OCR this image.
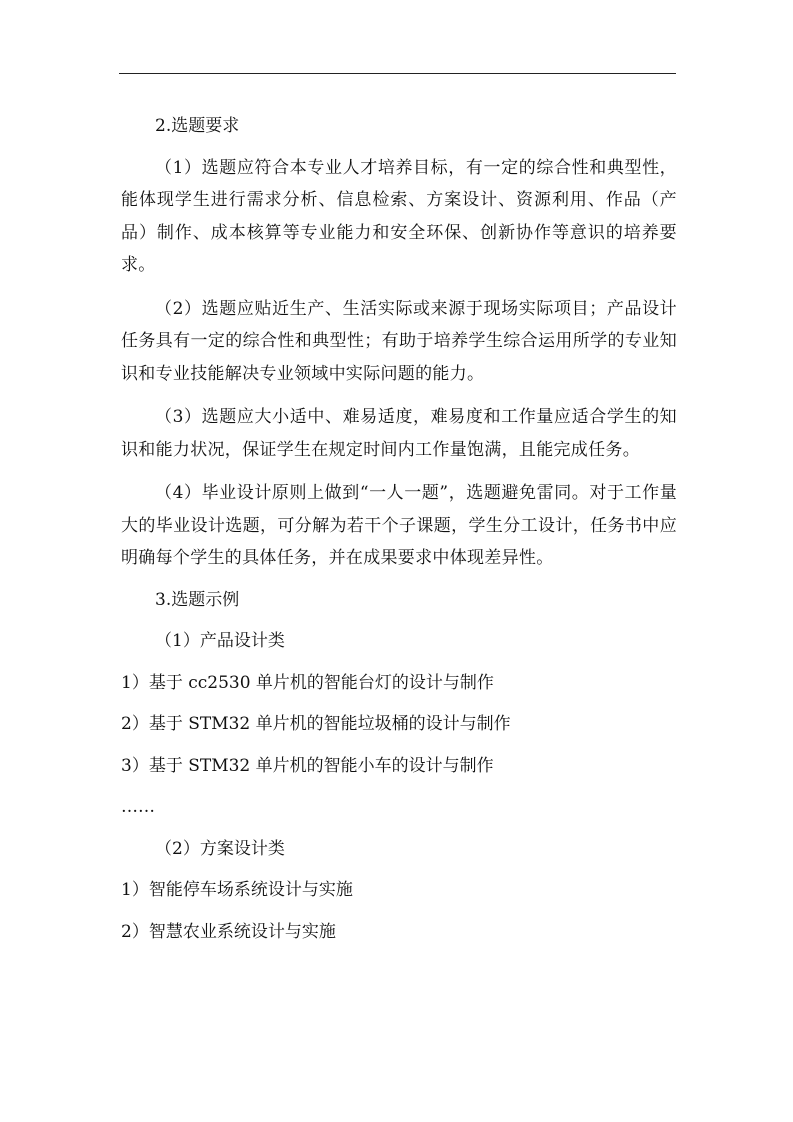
2.选题要求

（1）选题应符合本专业人才培养目标，有一定的综合性和典型性，能体现学生进行需求分析、信息检索、方案设计、资源利用、作品（产品）制作、成本核算等专业能力和安全环保、创新协作等意识的培养要求。

（2）选题应贴近生产、生活实际或来源于现场实际项目；产品设计任务具有一定的综合性和典型性；有助于培养学生综合运用所学的专业知识和专业技能解决专业领域中实际问题的能力。

（3）选题应大小适中、难易适度，难易度和工作量应适合学生的知识和能力状况，保证学生在规定时间内工作量饱满，且能完成任务。

（4）毕业设计原则上做到“一人一题”，选题避免雷同。对于工作量大的毕业设计选题，可分解为若干个子课题，学生分工设计，任务书中应明确每个学生的具体任务，并在成果要求中体现差异性。

3.选题示例
（1）产品设计类
1）基于 cc2530 单片机的智能台灯的设计与制作
2）基于 STM32 单片机的智能垃圾桶的设计与制作
3）基于 STM32 单片机的智能小车的设计与制作
……
（2）方案设计类
1）智能停车场系统设计与实施
2）智慧农业系统设计与实施
